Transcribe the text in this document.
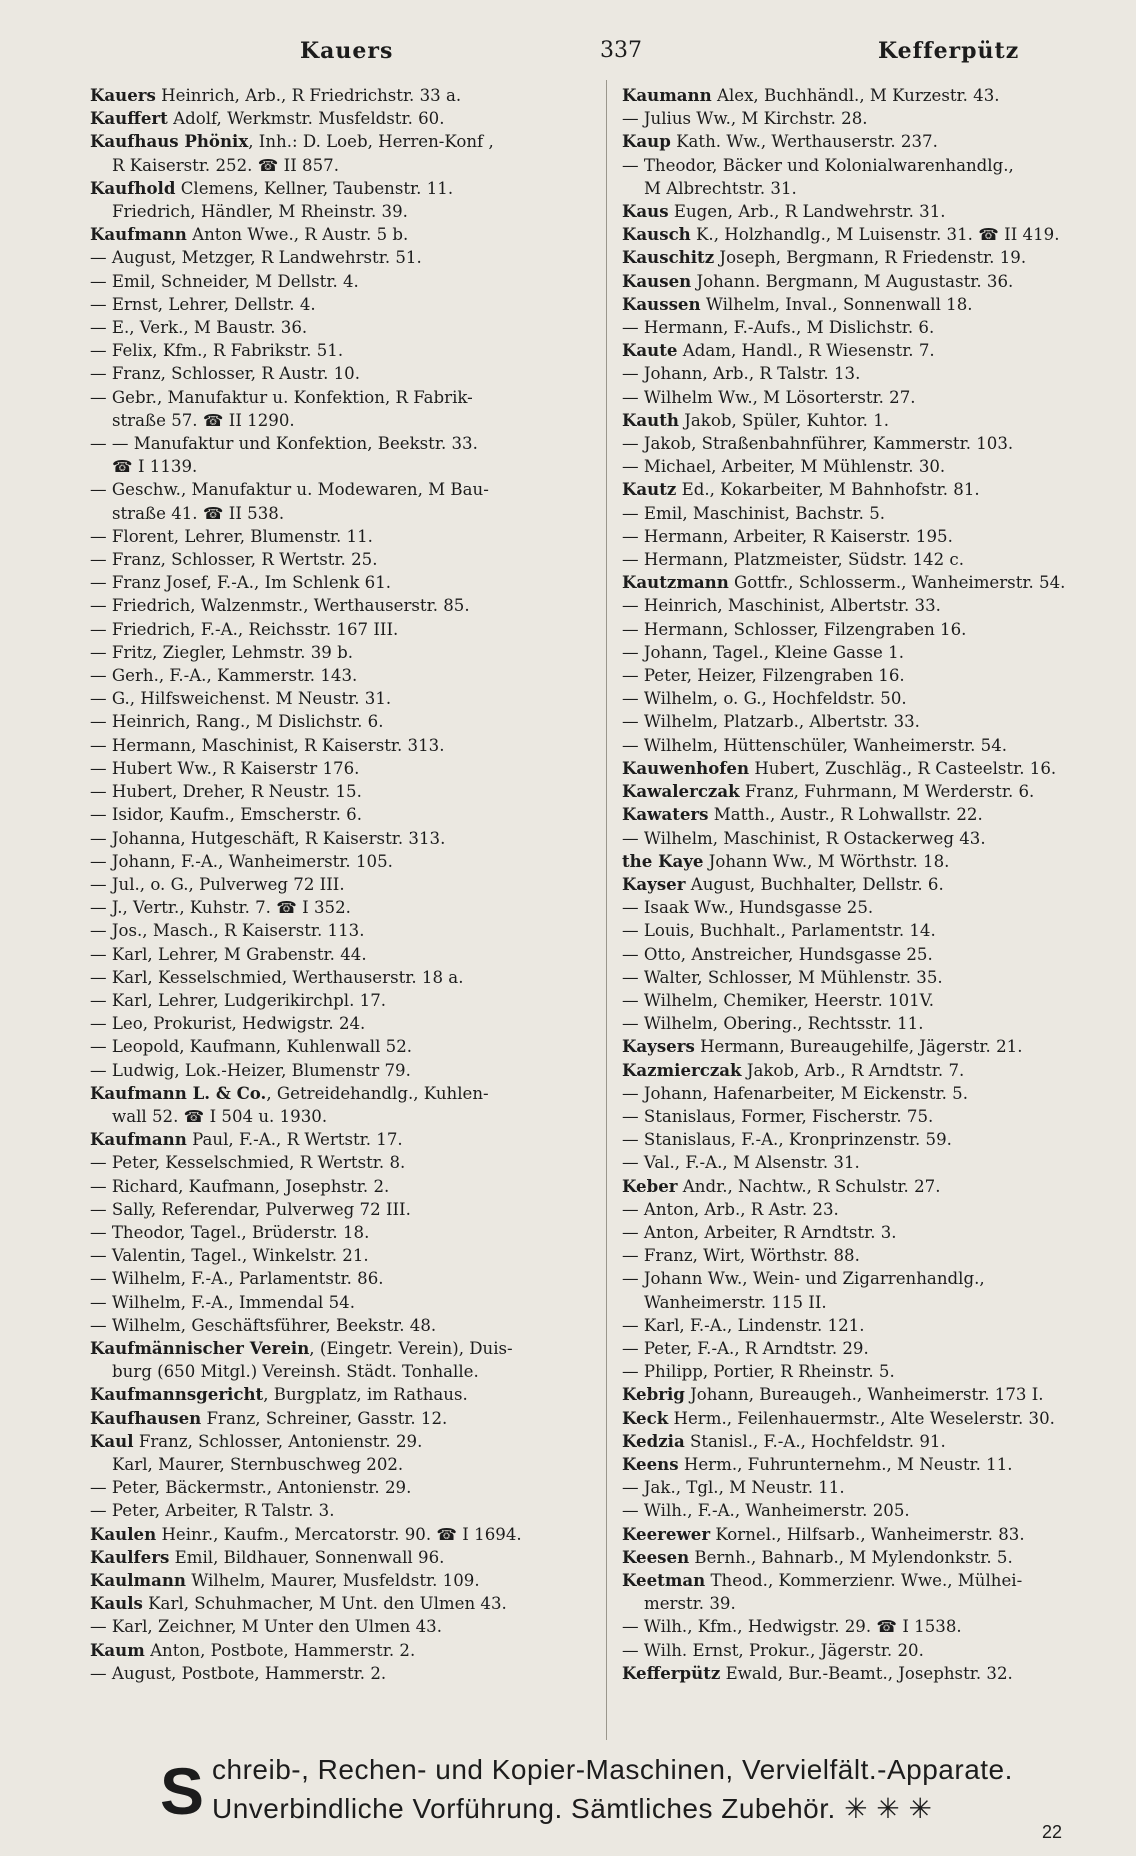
Kauers	337	Kefferpütz
Kauers Heinrich, Arb., R Friedrichstr. 33 a.
Kauffert Adolf, Werkmstr. Musfeldstr. 60.
Kaufhaus Phönix, Inh.: D. Loeb, Herren-Konf ,
R Kaiserstr. 252. ☎ II 857.
Kaufhold Clemens, Kellner, Taubenstr. 11.
Friedrich, Händler, M Rheinstr. 39.
Kaufmann Anton Wwe., R Austr. 5 b.
— August, Metzger, R Landwehrstr. 51.
— Emil, Schneider, M Dellstr. 4.
— Ernst, Lehrer, Dellstr. 4.
— E., Verk., M Baustr. 36.
— Felix, Kfm., R Fabrikstr. 51.
— Franz, Schlosser, R Austr. 10.
— Gebr., Manufaktur u. Konfektion, R Fabrik-
straße 57. ☎ II 1290.
— — Manufaktur und Konfektion, Beekstr. 33.
☎ I 1139.
— Geschw., Manufaktur u. Modewaren, M Bau-
straße 41. ☎ II 538.
— Florent, Lehrer, Blumenstr. 11.
— Franz, Schlosser, R Wertstr. 25.
— Franz Josef, F.-A., Im Schlenk 61.
— Friedrich, Walzenmstr., Werthauserstr. 85.
— Friedrich, F.-A., Reichsstr. 167 III.
— Fritz, Ziegler, Lehmstr. 39 b.
— Gerh., F.-A., Kammerstr. 143.
— G., Hilfsweichenst. M Neustr. 31.
— Heinrich, Rang., M Dislichstr. 6.
— Hermann, Maschinist, R Kaiserstr. 313.
— Hubert Ww., R Kaiserstr 176.
— Hubert, Dreher, R Neustr. 15.
— Isidor, Kaufm., Emscherstr. 6.
— Johanna, Hutgeschäft, R Kaiserstr. 313.
— Johann, F.-A., Wanheimerstr. 105.
— Jul., o. G., Pulverweg 72 III.
— J., Vertr., Kuhstr. 7. ☎ I 352.
— Jos., Masch., R Kaiserstr. 113.
— Karl, Lehrer, M Grabenstr. 44.
— Karl, Kesselschmied, Werthauserstr. 18 a.
— Karl, Lehrer, Ludgerikirchpl. 17.
— Leo, Prokurist, Hedwigstr. 24.
— Leopold, Kaufmann, Kuhlenwall 52.
— Ludwig, Lok.-Heizer, Blumenstr 79.
Kaufmann L. & Co., Getreidehandlg., Kuhlen-
wall 52. ☎ I 504 u. 1930.
Kaufmann Paul, F.-A., R Wertstr. 17.
— Peter, Kesselschmied, R Wertstr. 8.
— Richard, Kaufmann, Josephstr. 2.
— Sally, Referendar, Pulverweg 72 III.
— Theodor, Tagel., Brüderstr. 18.
— Valentin, Tagel., Winkelstr. 21.
— Wilhelm, F.-A., Parlamentstr. 86.
— Wilhelm, F.-A., Immendal 54.
— Wilhelm, Geschäftsführer, Beekstr. 48.
Kaufmännischer Verein, (Eingetr. Verein), Duis-
burg (650 Mitgl.) Vereinsh. Städt. Tonhalle.
Kaufmannsgericht, Burgplatz, im Rathaus.
Kaufhausen Franz, Schreiner, Gasstr. 12.
Kaul Franz, Schlosser, Antonienstr. 29.
Karl, Maurer, Sternbuschweg 202.
— Peter, Bäckermstr., Antonienstr. 29.
— Peter, Arbeiter, R Talstr. 3.
Kaulen Heinr., Kaufm., Mercatorstr. 90. ☎ I 1694.
Kaulfers Emil, Bildhauer, Sonnenwall 96.
Kaulmann Wilhelm, Maurer, Musfeldstr. 109.
Kauls Karl, Schuhmacher, M Unt. den Ulmen 43.
— Karl, Zeichner, M Unter den Ulmen 43.
Kaum Anton, Postbote, Hammerstr. 2.
— August, Postbote, Hammerstr. 2.
Kaumann Alex, Buchhändl., M Kurzestr. 43.
— Julius Ww., M Kirchstr. 28.
Kaup Kath. Ww., Werthauserstr. 237.
— Theodor, Bäcker und Kolonialwarenhandlg.,
M Albrechtstr. 31.
Kaus Eugen, Arb., R Landwehrstr. 31.
Kausch K., Holzhandlg., M Luisenstr. 31. ☎ II 419.
Kauschitz Joseph, Bergmann, R Friedenstr. 19.
Kausen Johann. Bergmann, M Augustastr. 36.
Kaussen Wilhelm, Inval., Sonnenwall 18.
— Hermann, F.-Aufs., M Dislichstr. 6.
Kaute Adam, Handl., R Wiesenstr. 7.
— Johann, Arb., R Talstr. 13.
— Wilhelm Ww., M Lösorterstr. 27.
Kauth Jakob, Spüler, Kuhtor. 1.
— Jakob, Straßenbahnführer, Kammerstr. 103.
— Michael, Arbeiter, M Mühlenstr. 30.
Kautz Ed., Kokarbeiter, M Bahnhofstr. 81.
— Emil, Maschinist, Bachstr. 5.
— Hermann, Arbeiter, R Kaiserstr. 195.
— Hermann, Platzmeister, Südstr. 142 c.
Kautzmann Gottfr., Schlosserm., Wanheimerstr. 54.
— Heinrich, Maschinist, Albertstr. 33.
— Hermann, Schlosser, Filzengraben 16.
— Johann, Tagel., Kleine Gasse 1.
— Peter, Heizer, Filzengraben 16.
— Wilhelm, o. G., Hochfeldstr. 50.
— Wilhelm, Platzarb., Albertstr. 33.
— Wilhelm, Hüttenschüler, Wanheimerstr. 54.
Kauwenhofen Hubert, Zuschläg., R Casteelstr. 16.
Kawalerczak Franz, Fuhrmann, M Werderstr. 6.
Kawaters Matth., Austr., R Lohwallstr. 22.
— Wilhelm, Maschinist, R Ostackerweg 43.
the Kaye Johann Ww., M Wörthstr. 18.
Kayser August, Buchhalter, Dellstr. 6.
— Isaak Ww., Hundsgasse 25.
— Louis, Buchhalt., Parlamentstr. 14.
— Otto, Anstreicher, Hundsgasse 25.
— Walter, Schlosser, M Mühlenstr. 35.
— Wilhelm, Chemiker, Heerstr. 101V.
— Wilhelm, Obering., Rechtsstr. 11.
Kaysers Hermann, Bureaugehilfe, Jägerstr. 21.
Kazmierczak Jakob, Arb., R Arndtstr. 7.
— Johann, Hafenarbeiter, M Eickenstr. 5.
— Stanislaus, Former, Fischerstr. 75.
— Stanislaus, F.-A., Kronprinzenstr. 59.
— Val., F.-A., M Alsenstr. 31.
Keber Andr., Nachtw., R Schulstr. 27.
— Anton, Arb., R Astr. 23.
— Anton, Arbeiter, R Arndtstr. 3.
— Franz, Wirt, Wörthstr. 88.
— Johann Ww., Wein- und Zigarrenhandlg.,
Wanheimerstr. 115 II.
— Karl, F.-A., Lindenstr. 121.
— Peter, F.-A., R Arndtstr. 29.
— Philipp, Portier, R Rheinstr. 5.
Kebrig Johann, Bureaugeh., Wanheimerstr. 173 I.
Keck Herm., Feilenhauermstr., Alte Weselerstr. 30.
Kedzia Stanisl., F.-A., Hochfeldstr. 91.
Keens Herm., Fuhrunternehm., M Neustr. 11.
— Jak., Tgl., M Neustr. 11.
— Wilh., F.-A., Wanheimerstr. 205.
Keerewer Kornel., Hilfsarb., Wanheimerstr. 83.
Keesen Bernh., Bahnarb., M Mylendonkstr. 5.
Keetman Theod., Kommerzienr. Wwe., Mülhei-
merstr. 39.
— Wilh., Kfm., Hedwigstr. 29. ☎ I 1538.
— Wilh. Ernst, Prokur., Jägerstr. 20.
Kefferpütz Ewald, Bur.-Beamt., Josephstr. 32.
S chreib-, Rechen- und Kopier-Maschinen, Vervielfält.-Apparate.
Unverbindliche Vorführung. Sämtliches Zubehör. ✳ ✳ ✳
22
